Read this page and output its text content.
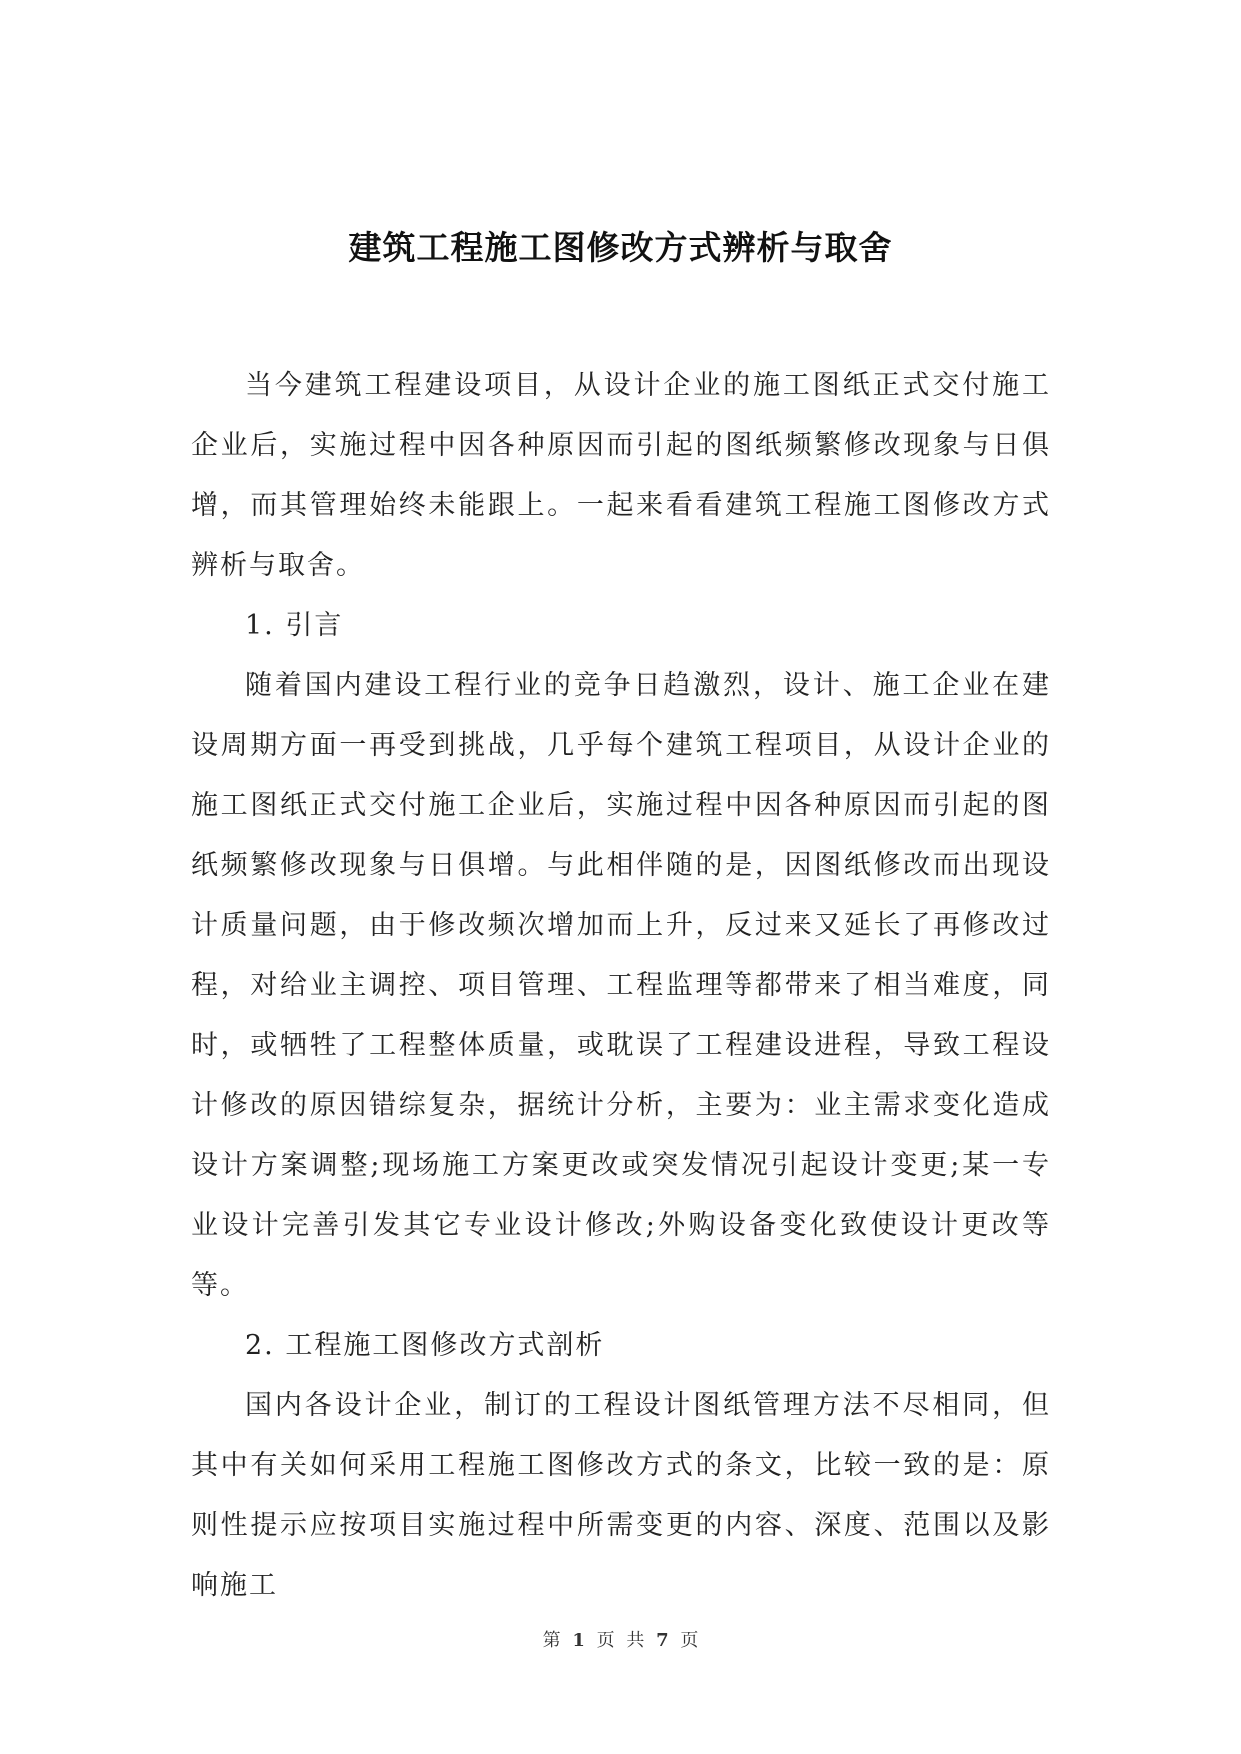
建筑工程施工图修改方式辨析与取舍

当今建筑工程建设项目，从设计企业的施工图纸正式交付施工企业后，实施过程中因各种原因而引起的图纸频繁修改现象与日俱增，而其管理始终未能跟上。一起来看看建筑工程施工图修改方式辨析与取舍。

1. 引言

随着国内建设工程行业的竞争日趋激烈，设计、施工企业在建设周期方面一再受到挑战，几乎每个建筑工程项目，从设计企业的施工图纸正式交付施工企业后，实施过程中因各种原因而引起的图纸频繁修改现象与日俱增。与此相伴随的是，因图纸修改而出现设计质量问题，由于修改频次增加而上升，反过来又延长了再修改过程，对给业主调控、项目管理、工程监理等都带来了相当难度，同时，或牺牲了工程整体质量，或耽误了工程建设进程，导致工程设计修改的原因错综复杂，据统计分析，主要为：业主需求变化造成设计方案调整;现场施工方案更改或突发情况引起设计变更;某一专业设计完善引发其它专业设计修改;外购设备变化致使设计更改等等。

2. 工程施工图修改方式剖析

国内各设计企业，制订的工程设计图纸管理方法不尽相同，但其中有关如何采用工程施工图修改方式的条文，比较一致的是：原则性提示应按项目实施过程中所需变更的内容、深度、范围以及影响施工

第 1 页 共 7 页
